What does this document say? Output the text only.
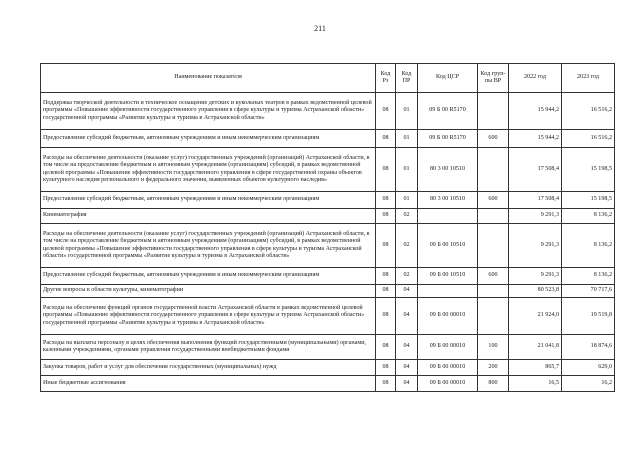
211
Наименование показателя	Код Рз	Код ПР	Код ЦСР	Код груп-пы ВР	2022 год	2023 год
Поддержка творческой деятельности и техническое оснащение детских и кукольных театров в рамках ведомственной целевой программы «Повышение эффективности государственного управления в сфере культуры и туризма Астраханской области» государственной программы «Развитие культуры и туризма в Астраханской области»	08	01	09 Б 00 R5170		15 944,2	16 516,2
Предоставление субсидий бюджетным, автономным учреждениям и иным некоммерческим организациям	08	01	09 Б 00 R5170	600	15 944,2	16 516,2
Расходы на обеспечение деятельности (оказание услуг) государственных учреждений (организаций) Астраханской области, в том числе на предоставление бюджетным и автономным учреждениям (организациям) субсидий, в рамках ведомственной целевой программы «Повышение эффективности государственного управления в сфере государственной охраны объектов культурного наследия регионального и федерального значения, выявленных объектов культурного наследия»	08	01	80 3 00 10510		17 508,4	15 198,5
Предоставление субсидий бюджетным, автономным учреждениям и иным некоммерческим организациям	08	01	80 3 00 10510	600	17 508,4	15 198,5
Кинематография	08	02			9 291,3	8 136,2
Расходы на обеспечение деятельности (оказание услуг) государственных учреждений (организаций) Астраханской области, в том числе на предоставление бюджетным и автономным учреждениям (организациям) субсидий, в рамках ведомственной целевой программы «Повышение эффективности государственного управления в сфере культуры и туризма Астраханской области» государственной программы «Развитие культуры и туризма в Астраханской области»	08	02	09 Б 00 10510		9 291,3	8 136,2
Предоставление субсидий бюджетным, автономным учреждениям и иным некоммерческим организациям	08	02	09 Б 00 10510	600	9 291,3	8 136,2
Другие вопросы в области культуры, кинематографии	08	04			80 523,8	70 717,6
Расходы на обеспечение функций органов государственной власти Астраханской области в рамках ведомственной целевой программы «Повышение эффективности государственного управления в сфере культуры и туризма Астраханской области» государственной программы «Развитие культуры и туризма в Астраханской области»	08	04	09 Б 00 00010		21 924,0	19 519,8
Расходы на выплаты персоналу в целях обеспечения выполнения функций государственными (муниципальными) органами, казенными учреждениями, органами управления государственными внебюджетными фондами	08	04	09 Б 00 00010	100	21 041,8	18 874,6
Закупка товаров, работ и услуг для обеспечения государственных (муниципальных) нужд	08	04	09 Б 00 00010	200	865,7	629,0
Иные бюджетные ассигнования	08	04	09 Б 00 00010	800	16,5	16,2
